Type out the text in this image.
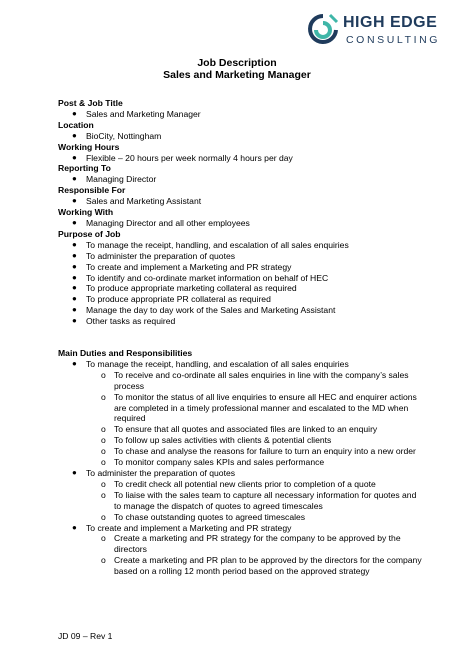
HIGH EDGE
CONSULTING
Job Description
Sales and Marketing Manager
Post & Job Title
● Sales and Marketing Manager
Location
● BioCity, Nottingham
Working Hours
● Flexible – 20 hours per week normally 4 hours per day
Reporting To
● Managing Director
Responsible For
● Sales and Marketing Assistant
Working With
● Managing Director and all other employees
Purpose of Job
● To manage the receipt, handling, and escalation of all sales enquiries
● To administer the preparation of quotes
● To create and implement a Marketing and PR strategy
● To identify and co-ordinate market information on behalf of HEC
● To produce appropriate marketing collateral as required
● To produce appropriate PR collateral as required
● Manage the day to day work of the Sales and Marketing Assistant
● Other tasks as required
Main Duties and Responsibilities
● To manage the receipt, handling, and escalation of all sales enquiries
o To receive and co-ordinate all sales enquiries in line with the company’s sales process
o To monitor the status of all live enquiries to ensure all HEC and enquirer actions are completed in a timely professional manner and escalated to the MD when required
o To ensure that all quotes and associated files are linked to an enquiry
o To follow up sales activities with clients & potential clients
o To chase and analyse the reasons for failure to turn an enquiry into a new order
o To monitor company sales KPIs and sales performance
● To administer the preparation of quotes
o To credit check all potential new clients prior to completion of a quote
o To liaise with the sales team to capture all necessary information for quotes and to manage the dispatch of quotes to agreed timescales
o To chase outstanding quotes to agreed timescales
● To create and implement a Marketing and PR strategy
o Create a marketing and PR strategy for the company to be approved by the directors
o Create a marketing and PR plan to be approved by the directors for the company based on a rolling 12 month period based on the approved strategy
JD 09 – Rev 1
